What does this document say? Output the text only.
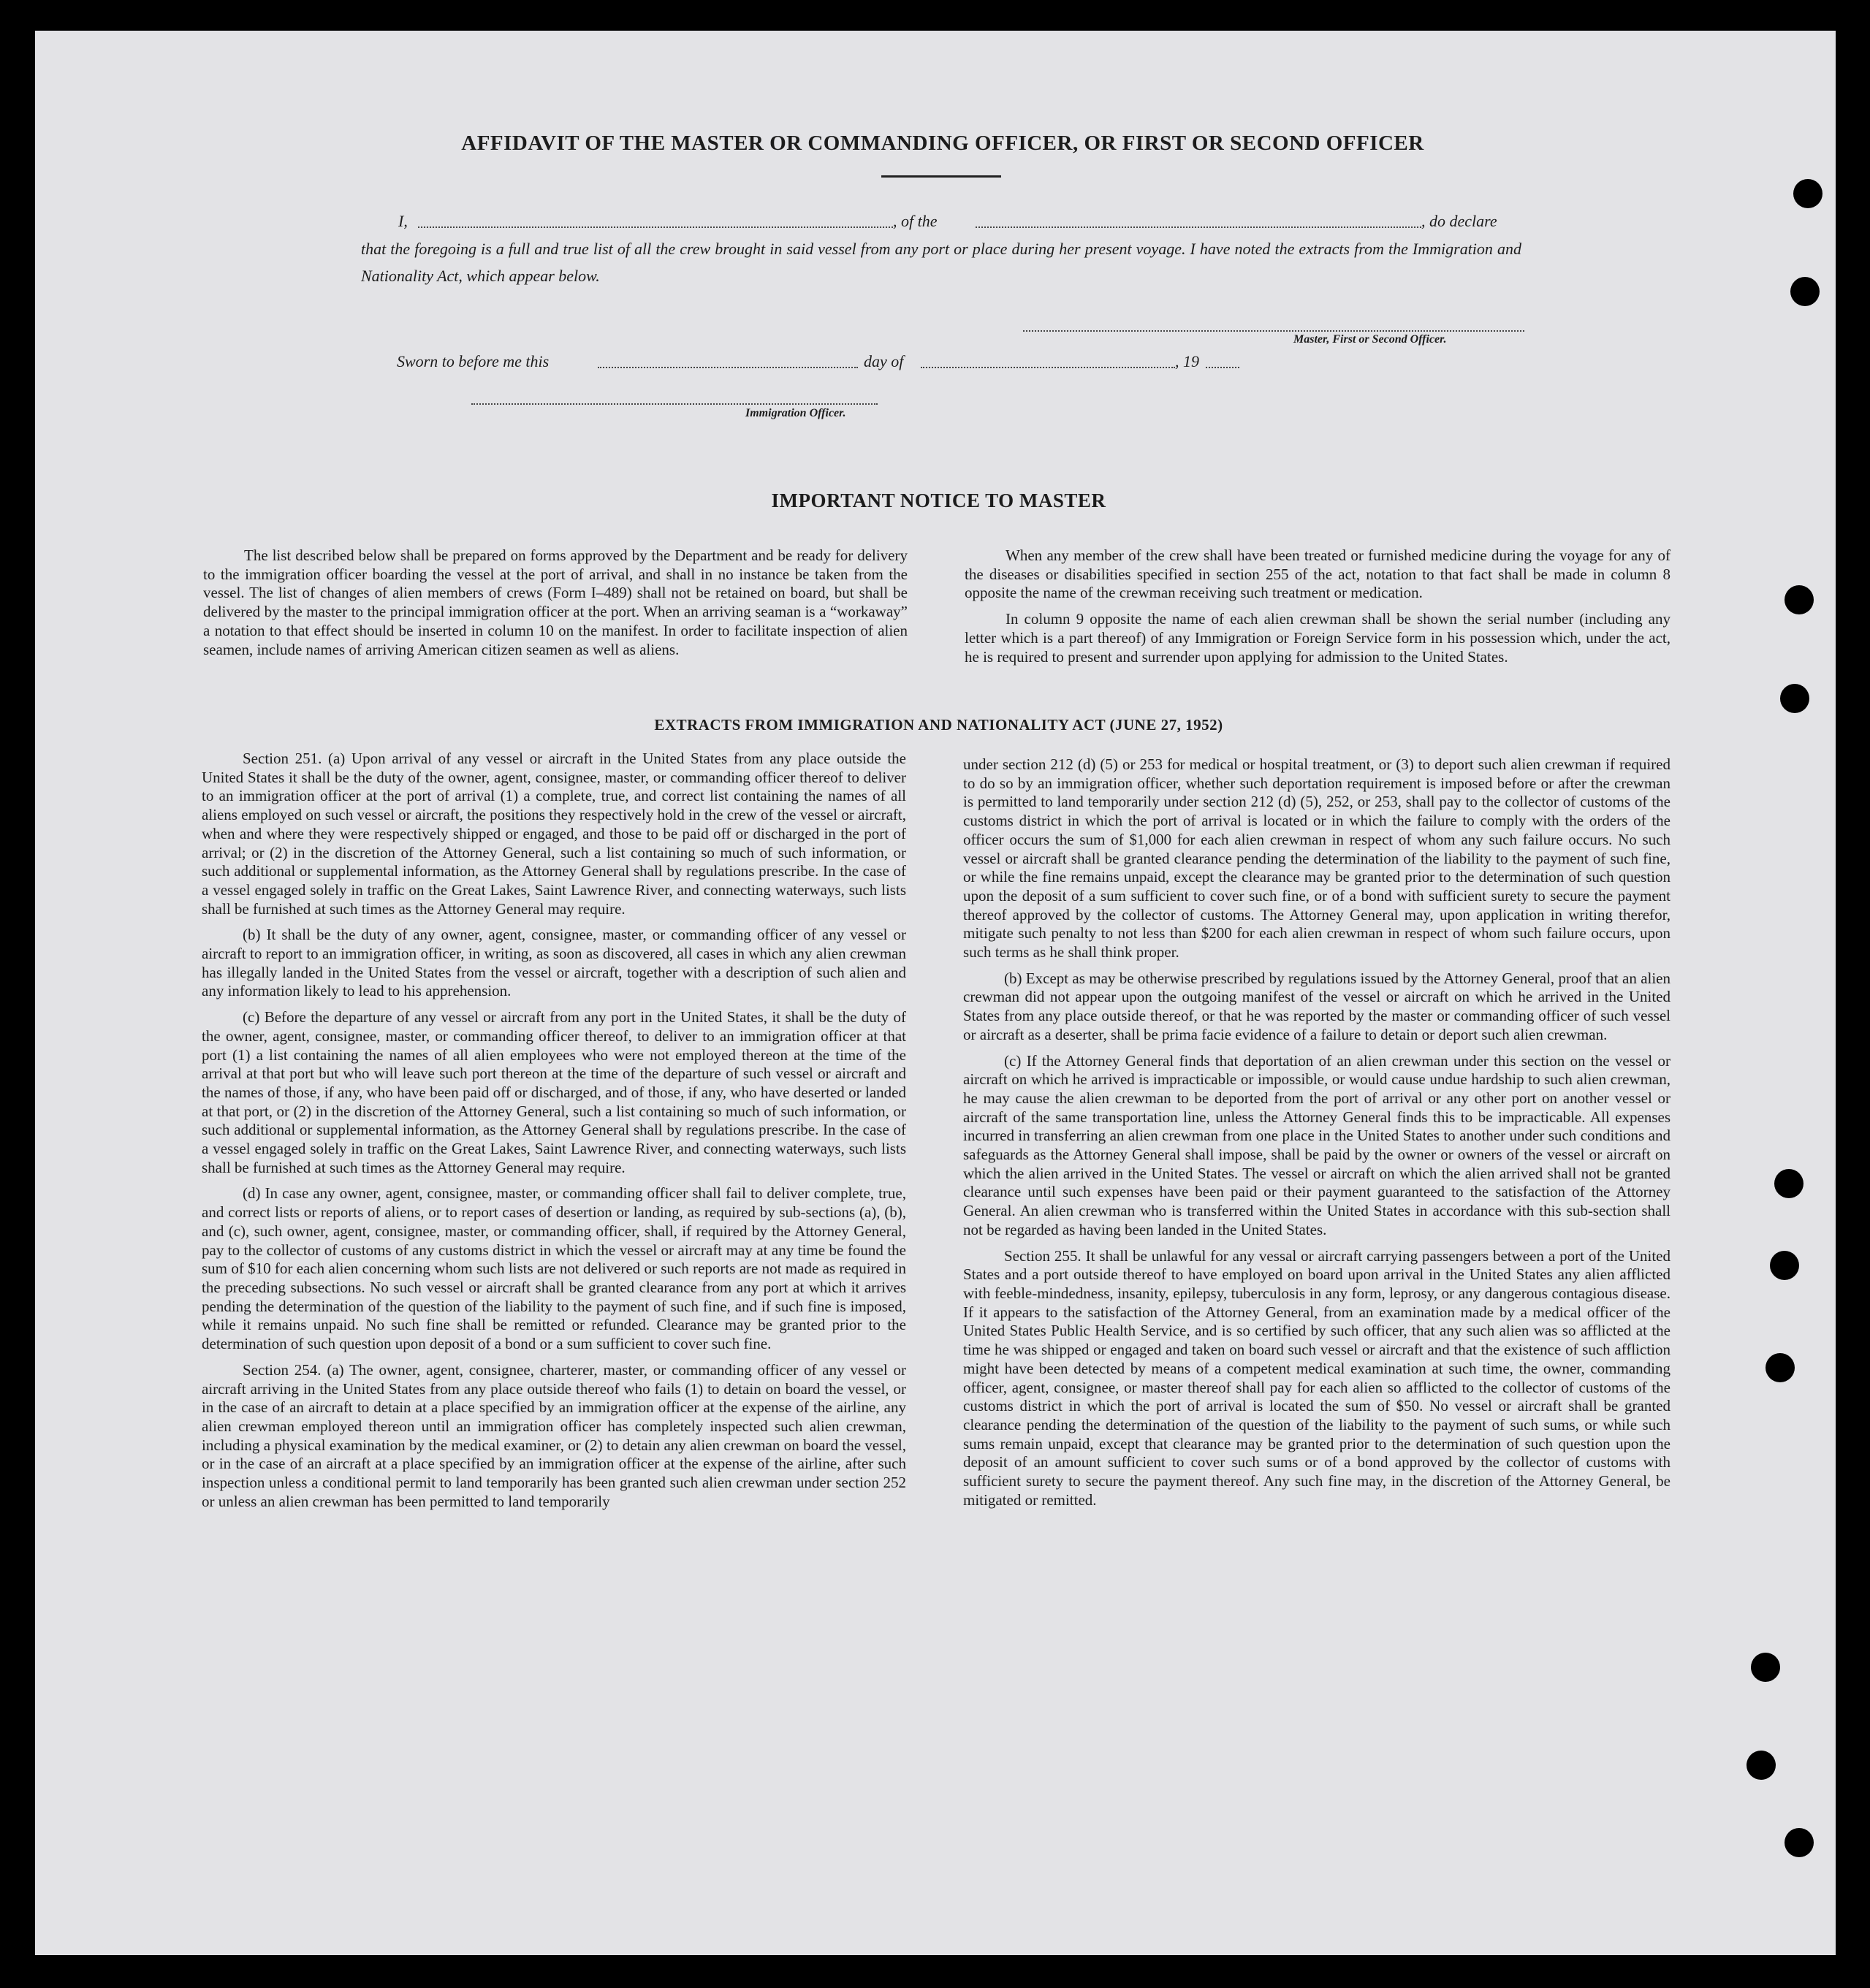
AFFIDAVIT OF THE MASTER OR COMMANDING OFFICER, OR FIRST OR SECOND OFFICER
I,	, of the	, do declare

that the foregoing is a full and true list of all the crew brought in said vessel from any port or place during her present voyage. I have noted the extracts from the Immigration and Nationality Act, which appear below.

Master, First or Second Officer.
Sworn to before me this	day of	, 19
Immigration Officer.
IMPORTANT NOTICE TO MASTER

The list described below shall be prepared on forms approved by the Department and be ready for delivery to the immigration officer boarding the vessel at the port of arrival, and shall in no instance be taken from the vessel. The list of changes of alien members of crews (Form I–489) shall not be retained on board, but shall be delivered by the master to the principal immigration officer at the port. When an arriving seaman is a “workaway” a notation to that effect should be inserted in column 10 on the manifest. In order to facilitate inspection of alien seamen, include names of arriving American citizen seamen as well as aliens.

When any member of the crew shall have been treated or furnished medicine during the voyage for any of the diseases or disabilities specified in section 255 of the act, notation to that fact shall be made in column 8 opposite the name of the crewman receiving such treatment or medication.

In column 9 opposite the name of each alien crewman shall be shown the serial number (including any letter which is a part thereof) of any Immigration or Foreign Service form in his possession which, under the act, he is required to present and surrender upon applying for admission to the United States.

EXTRACTS FROM IMMIGRATION AND NATIONALITY ACT (JUNE 27, 1952)

Section 251. (a) Upon arrival of any vessel or aircraft in the United States from any place outside the United States it shall be the duty of the owner, agent, consignee, master, or commanding officer thereof to deliver to an immigration officer at the port of arrival (1) a complete, true, and correct list containing the names of all aliens employed on such vessel or aircraft, the positions they respectively hold in the crew of the vessel or aircraft, when and where they were respectively shipped or engaged, and those to be paid off or discharged in the port of arrival; or (2) in the discretion of the Attorney General, such a list containing so much of such information, or such additional or supplemental information, as the Attorney General shall by regulations prescribe. In the case of a vessel engaged solely in traffic on the Great Lakes, Saint Lawrence River, and connecting waterways, such lists shall be furnished at such times as the Attorney General may require.

(b) It shall be the duty of any owner, agent, consignee, master, or commanding officer of any vessel or aircraft to report to an immigration officer, in writing, as soon as discovered, all cases in which any alien crewman has illegally landed in the United States from the vessel or aircraft, together with a description of such alien and any information likely to lead to his apprehension.

(c) Before the departure of any vessel or aircraft from any port in the United States, it shall be the duty of the owner, agent, consignee, master, or commanding officer thereof, to deliver to an immigration officer at that port (1) a list containing the names of all alien employees who were not employed thereon at the time of the arrival at that port but who will leave such port thereon at the time of the departure of such vessel or aircraft and the names of those, if any, who have been paid off or discharged, and of those, if any, who have deserted or landed at that port, or (2) in the discretion of the Attorney General, such a list containing so much of such information, or such additional or supplemental information, as the Attorney General shall by regulations prescribe. In the case of a vessel engaged solely in traffic on the Great Lakes, Saint Lawrence River, and connecting waterways, such lists shall be furnished at such times as the Attorney General may require.

(d) In case any owner, agent, consignee, master, or commanding officer shall fail to deliver complete, true, and correct lists or reports of aliens, or to report cases of desertion or landing, as required by sub-sections (a), (b), and (c), such owner, agent, consignee, master, or commanding officer, shall, if required by the Attorney General, pay to the collector of customs of any customs district in which the vessel or aircraft may at any time be found the sum of $10 for each alien concerning whom such lists are not delivered or such reports are not made as required in the preceding subsections. No such vessel or aircraft shall be granted clearance from any port at which it arrives pending the determination of the question of the liability to the payment of such fine, and if such fine is imposed, while it remains unpaid. No such fine shall be remitted or refunded. Clearance may be granted prior to the determination of such question upon deposit of a bond or a sum sufficient to cover such fine.

Section 254. (a) The owner, agent, consignee, charterer, master, or commanding officer of any vessel or aircraft arriving in the United States from any place outside thereof who fails (1) to detain on board the vessel, or in the case of an aircraft to detain at a place specified by an immigration officer at the expense of the airline, any alien crewman employed thereon until an immigration officer has completely inspected such alien crewman, including a physical examination by the medical examiner, or (2) to detain any alien crewman on board the vessel, or in the case of an aircraft at a place specified by an immigration officer at the expense of the airline, after such inspection unless a conditional permit to land temporarily has been granted such alien crewman under section 252 or unless an alien crewman has been permitted to land temporarily

under section 212 (d) (5) or 253 for medical or hospital treatment, or (3) to deport such alien crewman if required to do so by an immigration officer, whether such deportation requirement is imposed before or after the crewman is permitted to land temporarily under section 212 (d) (5), 252, or 253, shall pay to the collector of customs of the customs district in which the port of arrival is located or in which the failure to comply with the orders of the officer occurs the sum of $1,000 for each alien crewman in respect of whom any such failure occurs. No such vessel or aircraft shall be granted clearance pending the determination of the liability to the payment of such fine, or while the fine remains unpaid, except the clearance may be granted prior to the determination of such question upon the deposit of a sum sufficient to cover such fine, or of a bond with sufficient surety to secure the payment thereof approved by the collector of customs. The Attorney General may, upon application in writing therefor, mitigate such penalty to not less than $200 for each alien crewman in respect of whom such failure occurs, upon such terms as he shall think proper.

(b) Except as may be otherwise prescribed by regulations issued by the Attorney General, proof that an alien crewman did not appear upon the outgoing manifest of the vessel or aircraft on which he arrived in the United States from any place outside thereof, or that he was reported by the master or commanding officer of such vessel or aircraft as a deserter, shall be prima facie evidence of a failure to detain or deport such alien crewman.

(c) If the Attorney General finds that deportation of an alien crewman under this section on the vessel or aircraft on which he arrived is impracticable or impossible, or would cause undue hardship to such alien crewman, he may cause the alien crewman to be deported from the port of arrival or any other port on another vessel or aircraft of the same transportation line, unless the Attorney General finds this to be impracticable. All expenses incurred in transferring an alien crewman from one place in the United States to another under such conditions and safeguards as the Attorney General shall impose, shall be paid by the owner or owners of the vessel or aircraft on which the alien arrived in the United States. The vessel or aircraft on which the alien arrived shall not be granted clearance until such expenses have been paid or their payment guaranteed to the satisfaction of the Attorney General. An alien crewman who is transferred within the United States in accordance with this sub-section shall not be regarded as having been landed in the United States.

Section 255. It shall be unlawful for any vessal or aircraft carrying passengers between a port of the United States and a port outside thereof to have employed on board upon arrival in the United States any alien afflicted with feeble-mindedness, insanity, epilepsy, tuberculosis in any form, leprosy, or any dangerous contagious disease. If it appears to the satisfaction of the Attorney General, from an examination made by a medical officer of the United States Public Health Service, and is so certified by such officer, that any such alien was so afflicted at the time he was shipped or engaged and taken on board such vessel or aircraft and that the existence of such affliction might have been detected by means of a competent medical examination at such time, the owner, commanding officer, agent, consignee, or master thereof shall pay for each alien so afflicted to the collector of customs of the customs district in which the port of arrival is located the sum of $50. No vessel or aircraft shall be granted clearance pending the determination of the question of the liability to the payment of such sums, or while such sums remain unpaid, except that clearance may be granted prior to the determination of such question upon the deposit of an amount sufficient to cover such sums or of a bond approved by the collector of customs with sufficient surety to secure the payment thereof. Any such fine may, in the discretion of the Attorney General, be mitigated or remitted.
